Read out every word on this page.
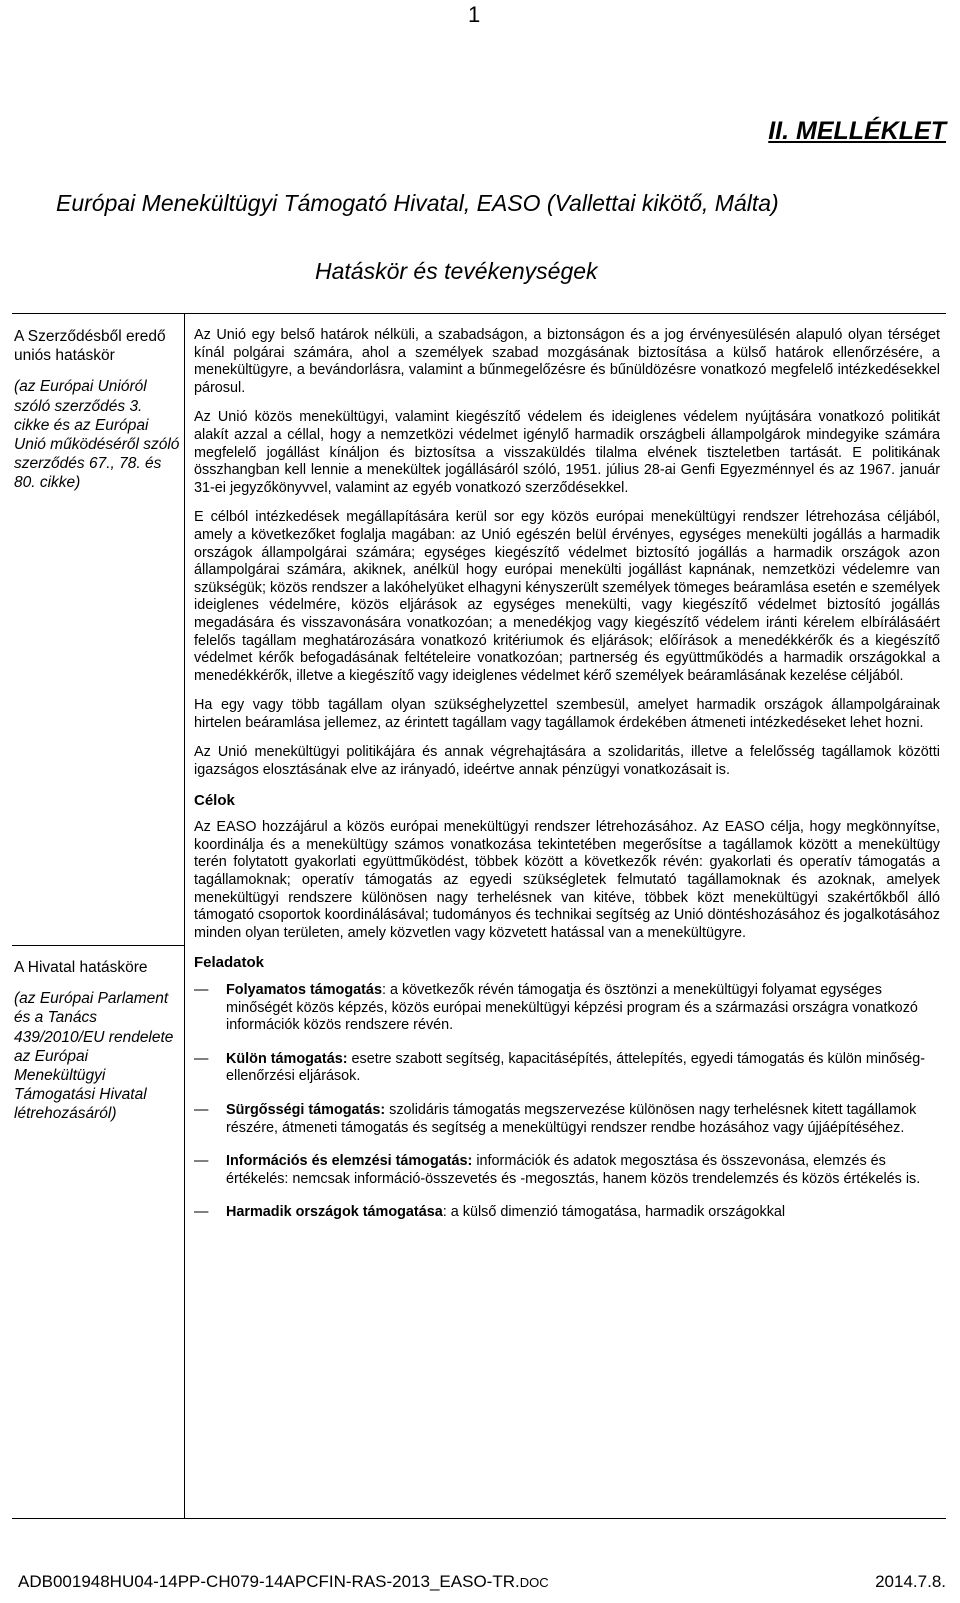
1
II. MELLÉKLET
Európai Menekültügyi Támogató Hivatal, EASO (Vallettai kikötő, Málta)
Hatáskör és tevékenységek
A Szerződésből eredő uniós hatáskör
(az Európai Unióról szóló szerződés 3. cikke és az Európai Unió működéséről szóló szerződés 67., 78. és 80. cikke)
A Hivatal hatásköre
(az Európai Parlament és a Tanács 439/2010/EU rendelete az Európai Menekültügyi Támogatási Hivatal létrehozásáról)

Az Unió egy belső határok nélküli, a szabadságon, a biztonságon és a jog érvényesülésén alapuló olyan térséget kínál polgárai számára, ahol a személyek szabad mozgásának biztosítása a külső határok ellenőrzésére, a menekültügyre, a bevándorlásra, valamint a bűnmegelőzésre és bűnüldözésre vonatkozó megfelelő intézkedésekkel párosul.

Az Unió közös menekültügyi, valamint kiegészítő védelem és ideiglenes védelem nyújtására vonatkozó politikát alakít azzal a céllal, hogy a nemzetközi védelmet igénylő harmadik országbeli állampolgárok mindegyike számára megfelelő jogállást kínáljon és biztosítsa a visszaküldés tilalma elvének tiszteletben tartását. E politikának összhangban kell lennie a menekültek jogállásáról szóló, 1951. július 28-ai Genfi Egyezménnyel és az 1967. január 31-ei jegyzőkönyvvel, valamint az egyéb vonatkozó szerződésekkel.

E célból intézkedések megállapítására kerül sor egy közös európai menekültügyi rendszer létrehozása céljából, amely a következőket foglalja magában: az Unió egészén belül érvényes, egységes menekülti jogállás a harmadik országok állampolgárai számára; egységes kiegészítő védelmet biztosító jogállás a harmadik országok azon állampolgárai számára, akiknek, anélkül hogy európai menekülti jogállást kapnának, nemzetközi védelemre van szükségük; közös rendszer a lakóhelyüket elhagyni kényszerült személyek tömeges beáramlása esetén e személyek ideiglenes védelmére, közös eljárások az egységes menekülti, vagy kiegészítő védelmet biztosító jogállás megadására és visszavonására vonatkozóan; a menedékjog vagy kiegészítő védelem iránti kérelem elbírálásáért felelős tagállam meghatározására vonatkozó kritériumok és eljárások; előírások a menedékkérők és a kiegészítő védelmet kérők befogadásának feltételeire vonatkozóan; partnerség és együttműködés a harmadik országokkal a menedékkérők, illetve a kiegészítő vagy ideiglenes védelmet kérő személyek beáramlásának kezelése céljából.

Ha egy vagy több tagállam olyan szükséghelyzettel szembesül, amelyet harmadik országok állampolgárainak hirtelen beáramlása jellemez, az érintett tagállam vagy tagállamok érdekében átmeneti intézkedéseket lehet hozni.

Az Unió menekültügyi politikájára és annak végrehajtására a szolidaritás, illetve a felelősség tagállamok közötti igazságos elosztásának elve az irányadó, ideértve annak pénzügyi vonatkozásait is.

Célok

Az EASO hozzájárul a közös európai menekültügyi rendszer létrehozásához. Az EASO célja, hogy megkönnyítse, koordinálja és a menekültügy számos vonatkozása tekintetében megerősítse a tagállamok között a menekültügy terén folytatott gyakorlati együttműködést, többek között a következők révén: gyakorlati és operatív támogatás a tagállamoknak; operatív támogatás az egyedi szükségletek felmutató tagállamoknak és azoknak, amelyek menekültügyi rendszere különösen nagy terhelésnek van kitéve, többek közt menekültügyi szakértőkből álló támogató csoportok koordinálásával; tudományos és technikai segítség az Unió döntéshozásához és jogalkotásához minden olyan területen, amely közvetlen vagy közvetett hatással van a menekültügyre.

Feladatok
— Folyamatos támogatás: a következők révén támogatja és ösztönzi a menekültügyi folyamat egységes minőségét közös képzés, közös európai menekültügyi képzési program és a származási országra vonatkozó információk közös rendszere révén.
— Külön támogatás: esetre szabott segítség, kapacitásépítés, áttelepítés, egyedi támogatás és külön minőség-ellenőrzési eljárások.
— Sürgősségi támogatás: szolidáris támogatás megszervezése különösen nagy terhelésnek kitett tagállamok részére, átmeneti támogatás és segítség a menekültügyi rendszer rendbe hozásához vagy újjáépítéséhez.
— Információs és elemzési támogatás: információk és adatok megosztása és összevonása, elemzés és értékelés: nemcsak információ-összevetés és -megosztás, hanem közös trendelemzés és közös értékelés is.
— Harmadik országok támogatása: a külső dimenzió támogatása, harmadik országokkal
ADB001948HU04-14PP-CH079-14APCFIN-RAS-2013_EASO-TR.DOC	2014.7.8.
